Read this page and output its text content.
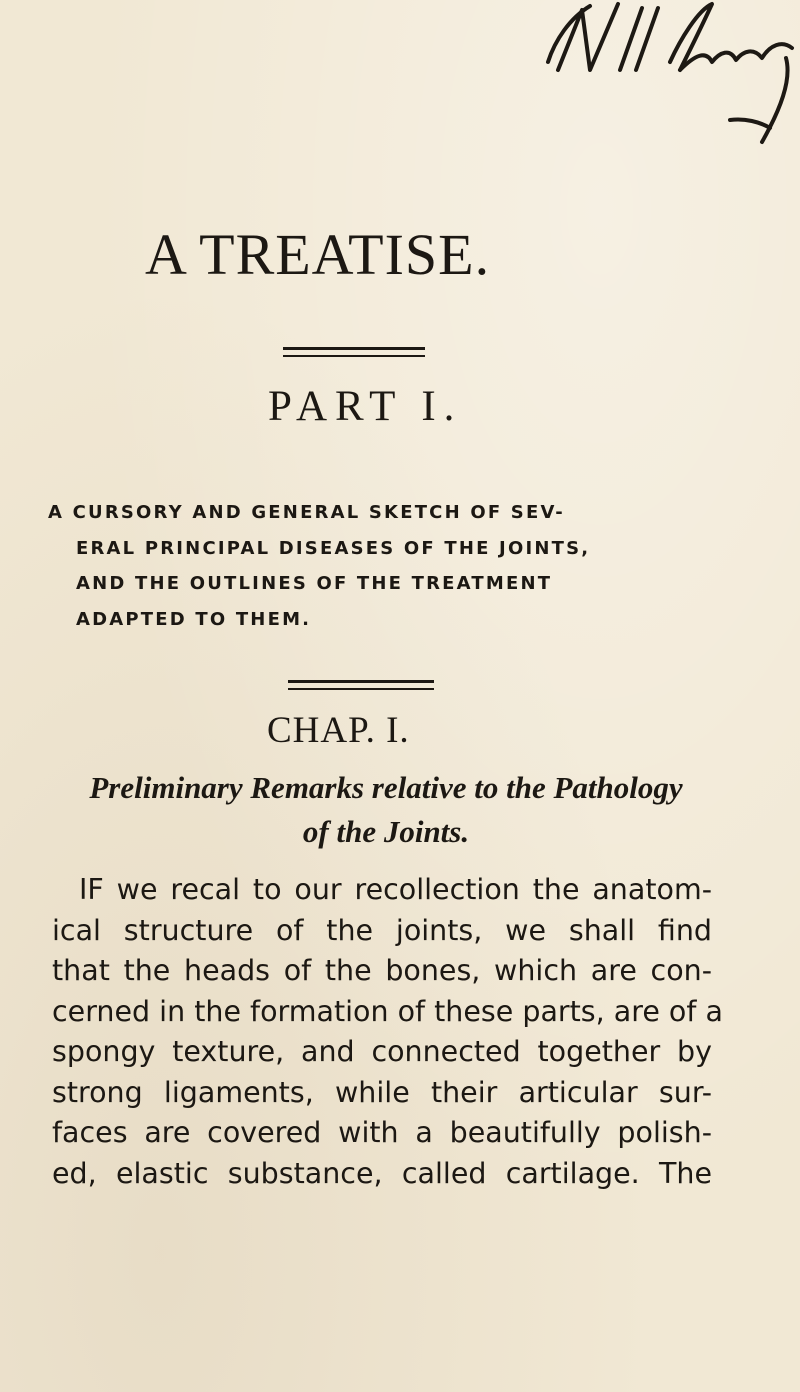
A TREATISE.
PART I.
A CURSORY AND GENERAL SKETCH OF SEV-
ERAL PRINCIPAL DISEASES OF THE JOINTS,
AND THE OUTLINES OF THE TREATMENT
ADAPTED TO THEM.
CHAP. I.
Preliminary Remarks relative to the Pathology
of the Joints.
IF we recal to our recollection the anatom-
ical structure of the joints, we shall find
that the heads of the bones, which are con-
cerned in the formation of these parts, are of a
spongy texture, and connected together by
strong ligaments, while their articular sur-
faces are covered with a beautifully polish-
ed, elastic substance, called cartilage. The
